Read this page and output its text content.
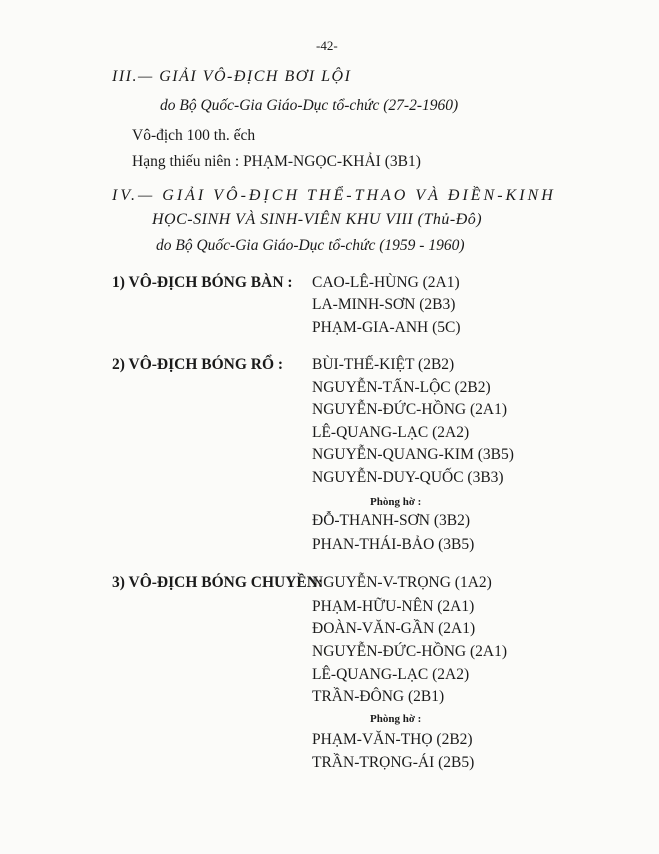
-42-
III.— GIẢI VÔ-ĐỊCH BƠI LỘI
do Bộ Quốc-Gia Giáo-Dục tổ-chức (27-2-1960)
Vô-địch 100 th. ếch
Hạng thiếu niên : PHẠM-NGỌC-KHẢI (3B1)
IV.— GIẢI VÔ-ĐỊCH THỂ-THAO VÀ ĐIỀN-KINH
HỌC-SINH VÀ SINH-VIÊN KHU VIII (Thủ-Đô)
do Bộ Quốc-Gia Giáo-Dục tổ-chức (1959 - 1960)
1) VÔ-ĐỊCH BÓNG BÀN : CAO-LÊ-HÙNG (2A1)
LA-MINH-SƠN (2B3)
PHẠM-GIA-ANH (5C)
2) VÔ-ĐỊCH BÓNG RỔ : BÙI-THẾ-KIỆT (2B2)
NGUYỄN-TẤN-LỘC (2B2)
NGUYỄN-ĐỨC-HỒNG (2A1)
LÊ-QUANG-LẠC (2A2)
NGUYỄN-QUANG-KIM (3B5)
NGUYỄN-DUY-QUỐC (3B3)
Phòng hờ :
ĐỖ-THANH-SƠN (3B2)
PHAN-THÁI-BẢO (3B5)
3) VÔ-ĐỊCH BÓNG CHUYỀN:
NGUYỄN-V-TRỌNG (1A2)
PHẠM-HỮU-NÊN (2A1)
ĐOÀN-VĂN-GẦN (2A1)
NGUYỄN-ĐỨC-HỒNG (2A1)
LÊ-QUANG-LẠC (2A2)
TRẦN-ĐÔNG (2B1)
Phòng hờ :
PHẠM-VĂN-THỌ (2B2)
TRẦN-TRỌNG-ÁI (2B5)
